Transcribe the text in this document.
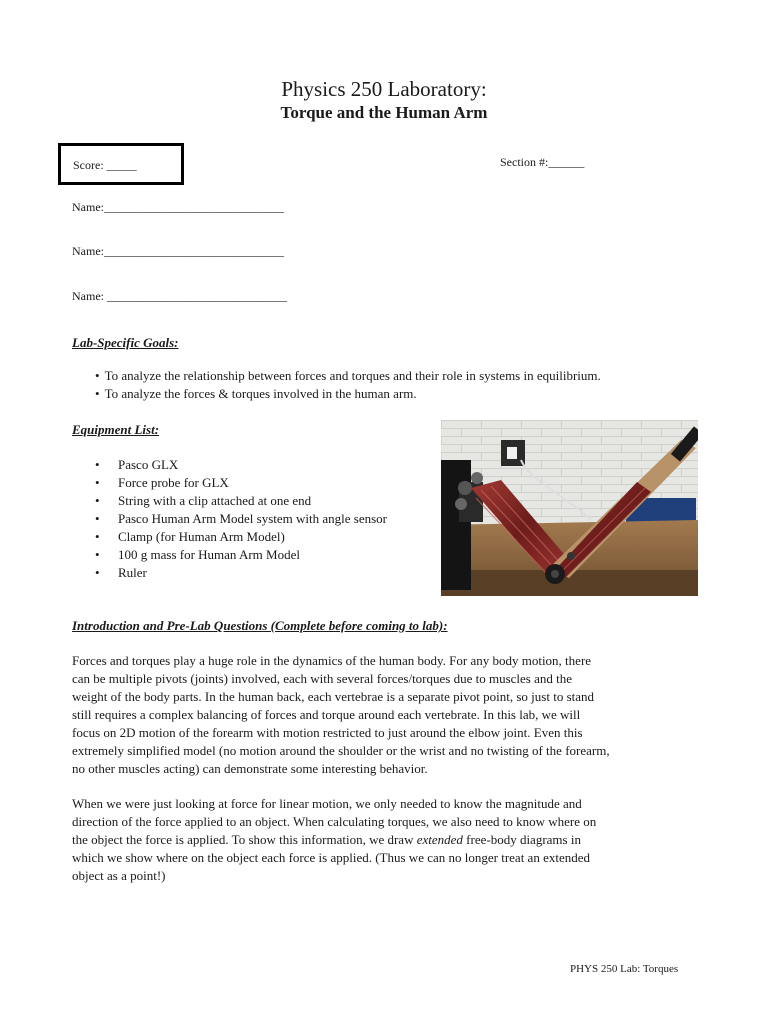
Physics 250 Laboratory:
Torque and the Human Arm
Score: _____	Section #:______
Name:______________________________
Name:______________________________
Name: ______________________________
Lab-Specific Goals:
• To analyze the relationship between forces and torques and their role in systems in equilibrium.
• To analyze the forces & torques involved in the human arm.
Equipment List:
• Pasco GLX
• Force probe for GLX
• String with a clip attached at one end
• Pasco Human Arm Model system with angle sensor
• Clamp (for Human Arm Model)
• 100 g mass for Human Arm Model
• Ruler
Introduction and Pre-Lab Questions (Complete before coming to lab):
Forces and torques play a huge role in the dynamics of the human body. For any body motion, there
can be multiple pivots (joints) involved, each with several forces/torques due to muscles and the
weight of the body parts. In the human back, each vertebrae is a separate pivot point, so just to stand
still requires a complex balancing of forces and torque around each vertebrate. In this lab, we will
focus on 2D motion of the forearm with motion restricted to just around the elbow joint. Even this
extremely simplified model (no motion around the shoulder or the wrist and no twisting of the forearm,
no other muscles acting) can demonstrate some interesting behavior.
When we were just looking at force for linear motion, we only needed to know the magnitude and
direction of the force applied to an object. When calculating torques, we also need to know where on
the object the force is applied. To show this information, we draw extended free-body diagrams in
which we show where on the object each force is applied. (Thus we can no longer treat an extended
object as a point!)
PHYS 250 Lab: Torques
